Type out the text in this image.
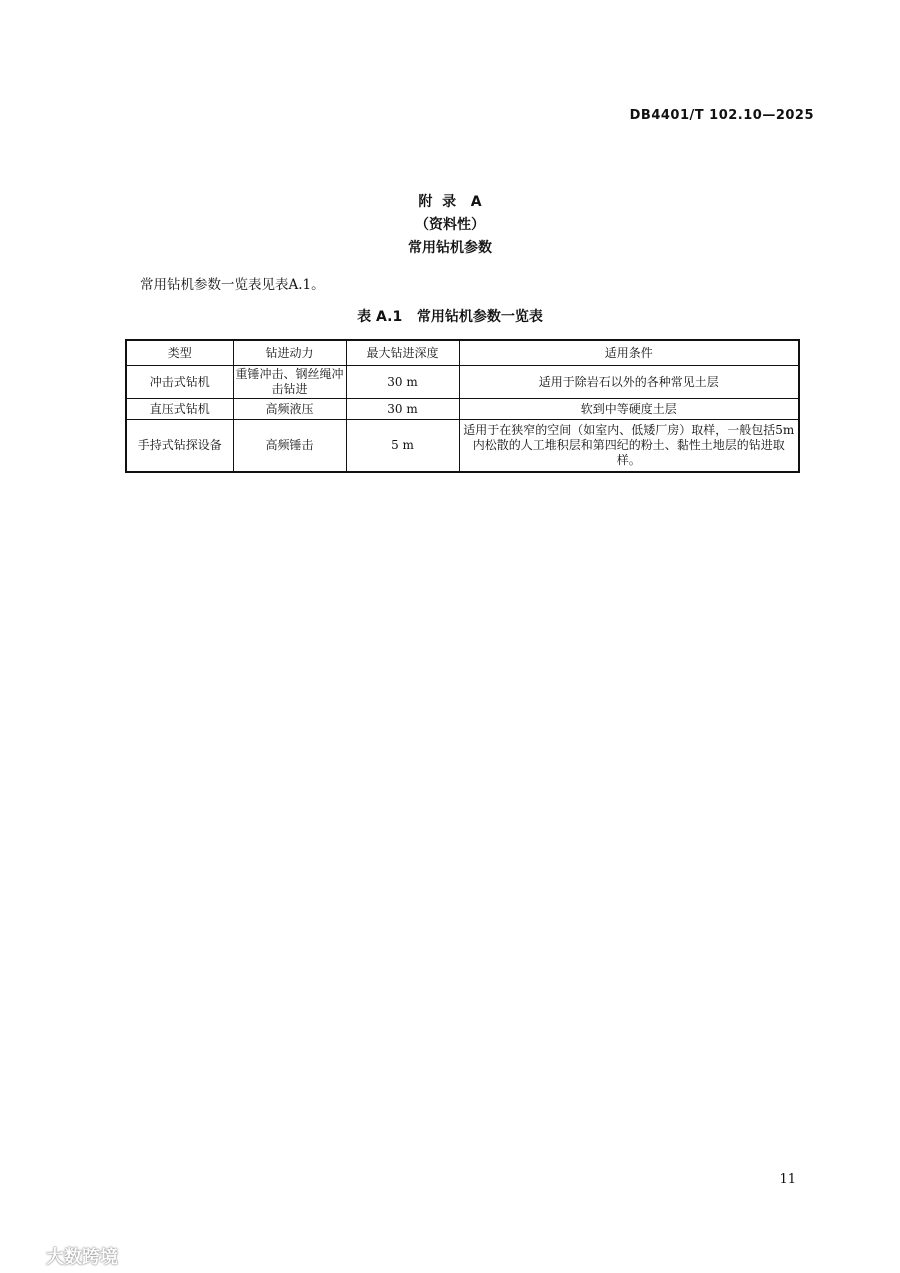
DB4401/T 102.10—2025
附  录   A
（资料性）
常用钻机参数
常用钻机参数一览表见表A.1。
表 A.1   常用钻机参数一览表
类型	钻进动力	最大钻进深度	适用条件
冲击式钻机	重锤冲击、钢丝绳冲击钻进	30 m	适用于除岩石以外的各种常见土层
直压式钻机	高频液压	30 m	软到中等硬度土层
手持式钻探设备	高频锤击	5 m	适用于在狭窄的空间（如室内、低矮厂房）取样，一般包括5m内松散的人工堆积层和第四纪的粉土、黏性土地层的钻进取样。
11
大数跨境
